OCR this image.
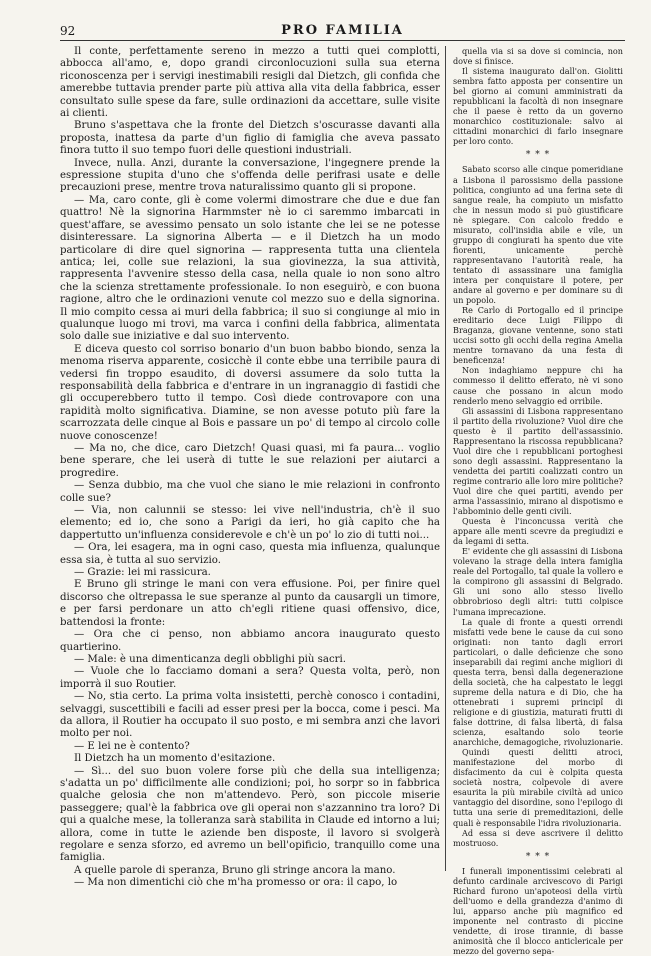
92	PRO FAMILIA

Il conte, perfettamente sereno in mezzo a tutti quei complotti, abbocca all'amo, e, dopo grandi circonlocuzioni sulla sua eterna riconoscenza per i servigi inestimabili resigli dal Dietzch, gli confida che amerebbe tuttavia prender parte più attiva alla vita della fabbrica, esser consultato sulle spese da fare, sulle ordinazioni da accettare, sulle visite ai clienti.

Bruno s'aspettava che la fronte del Dietzch s'oscurasse davanti alla proposta, inattesa da parte d'un figlio di famiglia che aveva passato finora tutto il suo tempo fuori delle questioni industriali.

Invece, nulla. Anzi, durante la conversazione, l'ingegnere prende la espressione stupita d'uno che s'offenda delle perifrasi usate e delle precauzioni prese, mentre trova naturalissimo quanto gli si propone.

— Ma, caro conte, gli è come volermi dimostrare che due e due fan quattro! Nè la signorina Harmmster nè io ci saremmo imbarcati in quest'affare, se avessimo pensato un solo istante che lei se ne potesse disinteressare. La signorina Alberta — e il Dietzch ha un modo particolare di dire quel signorina — rappresenta tutta una clientela antica; lei, colle sue relazioni, la sua giovinezza, la sua attività, rappresenta l'avvenire stesso della casa, nella quale io non sono altro che la scienza strettamente professionale. Io non eseguirò, e con buona ragione, altro che le ordinazioni venute col mezzo suo e della signorina. Il mio compito cessa ai muri della fabbrica; il suo si congiunge al mio in qualunque luogo mi trovi, ma varca i confini della fabbrica, alimentata solo dalle sue iniziative e dal suo intervento.

E diceva questo col sorriso bonario d'un buon babbo biondo, senza la menoma riserva apparente, cosicchè il conte ebbe una terribile paura di vedersi fin troppo esaudito, di doversi assumere da solo tutta la responsabilità della fabbrica e d'entrare in un ingranaggio di fastidi che gli occuperebbero tutto il tempo. Così diede controvapore con una rapidità molto significativa. Diamine, se non avesse potuto più fare la scarrozzata delle cinque al Bois e passare un po' di tempo al circolo colle nuove conoscenze!

— Ma no, che dice, caro Dietzch! Quasi quasi, mi fa paura... voglio bene sperare, che lei userà di tutte le sue relazioni per aiutarci a progredire.

— Senza dubbio, ma che vuol che siano le mie relazioni in confronto colle sue?

— Via, non calunnii se stesso: lei vive nell'industria, ch'è il suo elemento; ed io, che sono a Parigi da ieri, ho già capito che ha dappertutto un'influenza considerevole e ch'è un po' lo zio di tutti noi...

— Ora, lei esagera, ma in ogni caso, questa mia influenza, qualunque essa sia, è tutta al suo servizio.

— Grazie: lei mi rassicura.

E Bruno gli stringe le mani con vera effusione. Poi, per finire quel discorso che oltrepassa le sue speranze al punto da causargli un timore, e per farsi perdonare un atto ch'egli ritiene quasi offensivo, dice, battendosi la fronte:

— Ora che ci penso, non abbiamo ancora inaugurato questo quartierino.

— Male: è una dimenticanza degli obblighi più sacri.

— Vuole che lo facciamo domani a sera? Questa volta, però, non imporrà il suo Routier.

— No, stia certo. La prima volta insistetti, perchè conosco i contadini, selvaggi, suscettibili e facili ad esser presi per la bocca, come i pesci. Ma da allora, il Routier ha occupato il suo posto, e mi sembra anzi che lavori molto per noi.

— E lei ne è contento?

Il Dietzch ha un momento d'esitazione.

— Sì... del suo buon volere forse più che della sua intelligenza; s'adatta un po' difficilmente alle condizioni; poi, ho sorpr so in fabbrica qualche gelosia che non m'attendevo. Però, son piccole miserie passeggere; qual'è la fabbrica ove gli operai non s'azzannino tra loro? Di qui a qualche mese, la tolleranza sarà stabilita in Claude ed intorno a lui; allora, come in tutte le aziende ben disposte, il lavoro si svolgerà regolare e senza sforzo, ed avremo un bell'opificio, tranquillo come una famiglia.

A quelle parole di speranza, Bruno gli stringe ancora la mano.

— Ma non dimentichi ciò che m'ha promesso or ora: il capo, lo

quella via si sa dove si comincia, non dove si finisce.

Il sistema inaugurato dall'on. Giolitti sembra fatto apposta per consentire un bel giorno ai comuni amministrati da repubblicani la facoltà di non insegnare che il paese è retto da un governo monarchico costituzionale: salvo ai cittadini monarchici di farlo insegnare per loro conto.

* * *

Sabato scorso alle cinque pomeridiane a Lisbona il parossismo della passione politica, congiunto ad una ferina sete di sangue reale, ha compiuto un misfatto che in nessun modo si può giustificare nè spiegare. Con calcolo freddo e misurato, coll'insidia abile e vile, un gruppo di congiurati ha spento due vite fiorenti, unicamente perchè rappresentavano l'autorità reale, ha tentato di assassinare una famiglia intera per conquistare il potere, per andare al governo e per dominare su di un popolo.

Re Carlo di Portogallo ed il principe ereditario dece Luigi Filippo di Braganza, giovane ventenne, sono stati uccisi sotto gli occhi della regina Amelia mentre tornavano da una festa di beneficenza!

Non indaghiamo neppure chi ha commesso il delitto efferato, nè vi sono cause che possano in alcun modo renderlo meno selvaggio ed orribile.

Gli assassini di Lisbona rappresentano il partito della rivoluzione? Vuol dire che questo è il partito dell'assassinio. Rappresentano la riscossa repubblicana? Vuol dire che i repubblicani portoghesi sono degli assassini. Rappresentano la vendetta dei partiti coalizzati contro un regime contrario alle loro mire politiche? Vuol dire che quei partiti, avendo per arma l'assassinio, mirano al dispotismo e l'abbominio delle genti civili.

Questa è l'inconcussa verità che appare alle menti scevre da pregiudizi e da legami di setta.

E' evidente che gli assassini di Lisbona volevano la strage della intera famiglia reale del Portogallo, tal quale la vollero e la compirono gli assassini di Belgrado. Gli uni sono allo stesso livello obbrobrioso degli altri: tutti colpisce l'umana imprecazione.

La quale di fronte a questi orrendi misfatti vede bene le cause da cui sono originati: non tanto dagli errori particolari, o dalle deficienze che sono inseparabili dai regimi anche migliori di questa terra, bensì dalla degenerazione della società, che ha calpestato le leggi supreme della natura e di Dio, che ha ottenebrati i supremi principî di religione e di giustizia, maturati frutti di false dottrine, di falsa libertà, di falsa scienza, esaltando solo teorie anarchiche, demagogiche, rivoluzionarie.

Quindi questi delitti atroci, manifestazione del morbo di disfacimento da cui è colpita questa società nostra, colpevole di avere esaurita la più mirabile civiltà ad unico vantaggio del disordine, sono l'epilogo di tutta una serie di premeditazioni, delle quali è responsabile l'idra rivoluzionaria.

Ad essa si deve ascrivere il delitto mostruoso.

* * *

I funerali imponentissimi celebrati al defunto cardinale arcivescovo di Parigi Richard furono un'apoteosi della virtù dell'uomo e della grandezza d'animo di lui, apparso anche più magnifico ed imponente nel contrasto di piccine vendette, di irose tirannie, di basse animosità che il blocco anticlericale per mezzo del governo sepa-
